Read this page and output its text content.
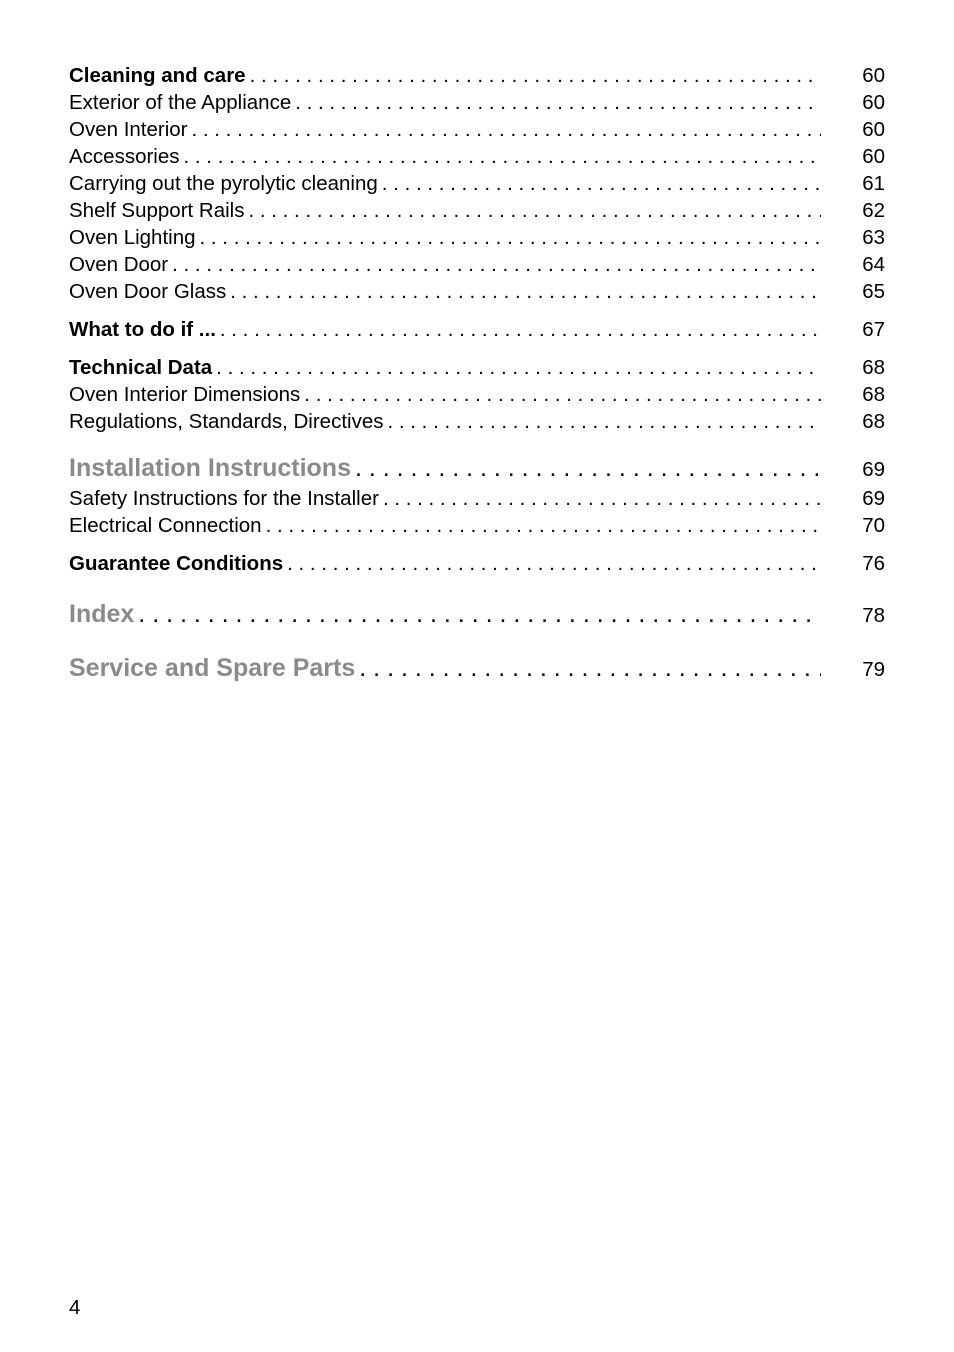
Cleaning and care . . .	60
Exterior of the Appliance . . .	60
Oven Interior . . .	60
Accessories . . .	60
Carrying out the pyrolytic cleaning . . .	61
Shelf Support Rails . . .	62
Oven Lighting . . .	63
Oven Door . . .	64
Oven Door Glass . . .	65
What to do if ... . . .	67
Technical Data . . .	68
Oven Interior Dimensions . . .	68
Regulations, Standards, Directives . . .	68
Installation Instructions . . .	69
Safety Instructions for the Installer . . .	69
Electrical Connection . . .	70
Guarantee Conditions . . .	76
Index . . .	78
Service and Spare Parts . . .	79
4
